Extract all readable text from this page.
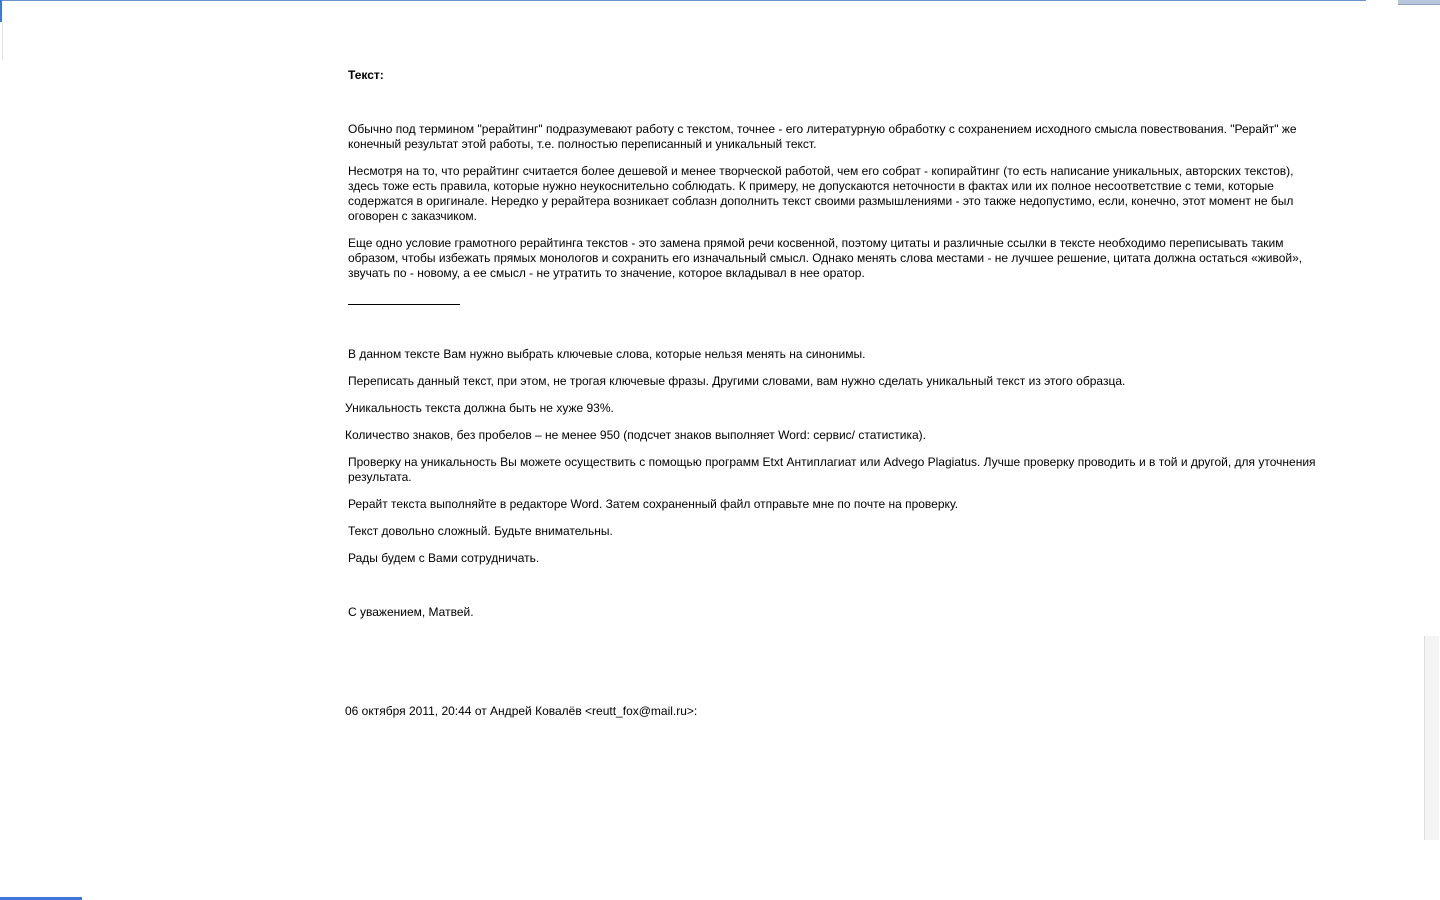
Текст:

Обычно под термином "рерайтинг" подразумевают работу с текстом, точнее - его литературную обработку с сохранением исходного смысла повествования. "Рерайт" же конечный результат этой работы, т.е. полностью переписанный и уникальный текст.

Несмотря на то, что рерайтинг считается более дешевой и менее творческой работой, чем его собрат - копирайтинг (то есть написание уникальных, авторских текстов), здесь тоже есть правила, которые нужно неукоснительно соблюдать. К примеру, не допускаются неточности в фактах или их полное несоответствие с теми, которые содержатся в оригинале. Нередко у рерайтера возникает соблазн дополнить текст своими размышлениями - это также недопустимо, если, конечно, этот момент не был оговорен с заказчиком.

Еще одно условие грамотного рерайтинга текстов - это замена прямой речи косвенной, поэтому цитаты и различные ссылки в тексте необходимо переписывать таким образом, чтобы избежать прямых монологов и сохранить его изначальный смысл. Однако менять слова местами - не лучшее решение, цитата должна остаться «живой», звучать по - новому, а ее смысл - не утратить то значение, которое вкладывал в нее оратор.

В данном тексте Вам нужно выбрать ключевые слова, которые нельзя менять на синонимы.

Переписать данный текст, при этом, не трогая ключевые фразы. Другими словами, вам нужно сделать уникальный текст из этого образца.

Уникальность текста должна быть не хуже 93%.

Количество знаков, без пробелов – не менее 950 (подсчет знаков выполняет Word: сервис/ статистика).

Проверку на уникальность Вы можете осуществить с помощью программ Etxt Антиплагиат или Advego Plagiatus. Лучше проверку проводить и в той и другой, для уточнения результата.

Рерайт текста выполняйте в редакторе Word. Затем сохраненный файл отправьте мне по почте на проверку.

Текст довольно сложный. Будьте внимательны.

Рады будем с Вами сотрудничать.

С уважением, Матвей.

06 октября 2011, 20:44 от Андрей Ковалёв <reutt_fox@mail.ru>:
